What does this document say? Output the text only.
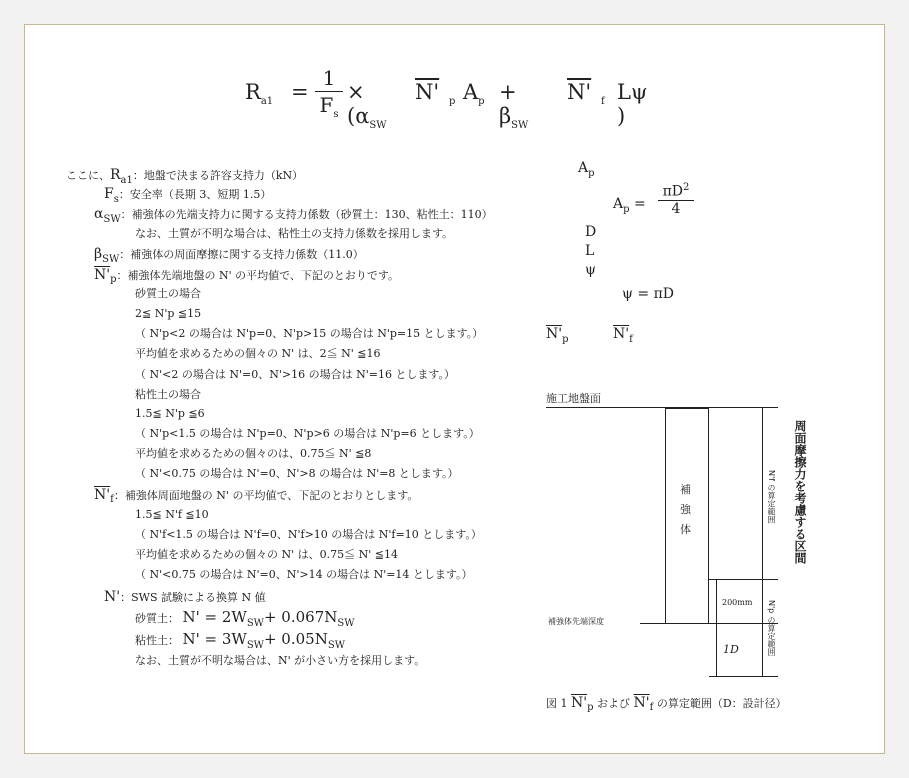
$R_{a1}$ =
1
$F_s$
× ($\alpha_{SW}$
N' $_p$ $A_p + \beta_{SW}$
N' $_f$ Lψ )
ここに、$R_{a1}$：地盤で決まる許容支持力（kN）
$F_s$：安全率（長期 3、短期 1.5）
$\alpha_{SW}$：補強体の先端支持力に関する支持力係数（砂質土：130、粘性土：110）
なお、土質が不明な場合は、粘性土の支持力係数を採用します。
$\beta_{SW}$：補強体の周面摩擦に関する支持力係数（11.0）
$N'_p$：補強体先端地盤の N' の平均値で、下記のとおりです。
砂質土の場合
2≦ N'p ≦15
（ N'p<2 の場合は N'p=0、N'p>15 の場合は N'p=15 とします。）
平均値を求めるための個々の N' は、2≦ N' ≦16
（ N'<2 の場合は N'=0、N'>16 の場合は N'=16 とします。）
粘性土の場合
1.5≦ N'p ≦6
（ N'p<1.5 の場合は N'p=0、N'p>6 の場合は N'p=6 とします。）
平均値を求めるための個々のは、0.75≦ N' ≦8
（ N'<0.75 の場合は N'=0、N'>8 の場合は N'=8 とします。）
$N'_f$：補強体周面地盤の N' の平均値で、下記のとおりとします。
1.5≦ N'f ≦10
（ N'f<1.5 の場合は N'f=0、N'f>10 の場合は N'f=10 とします。）
平均値を求めるための個々の N' は、0.75≦ N' ≦14
（ N'<0.75 の場合は N'=0、N'>14 の場合は N'=14 とします。）
N'：SWS 試験による換算 N 値
砂質土： $N' = 2W_{SW}+ 0.067N_{SW}$
粘性土： $N' = 3W_{SW}+ 0.05N_{SW}$
なお、土質が不明な場合は、N' が小さい方を採用します。
$A_p$
$A_p$ =
$\pi D^2$
4
D
L
ψ
ψ = πD
$N'_p$	$N'_f$
施工地盤面
補
強
体
補強体先端深度
200mm
1D
N'f の算定範囲
N'p の算定範囲
周面摩擦力を考慮する区間
図 1 $N'_p$ および $N'_f$ の算定範囲（D：設計径）
